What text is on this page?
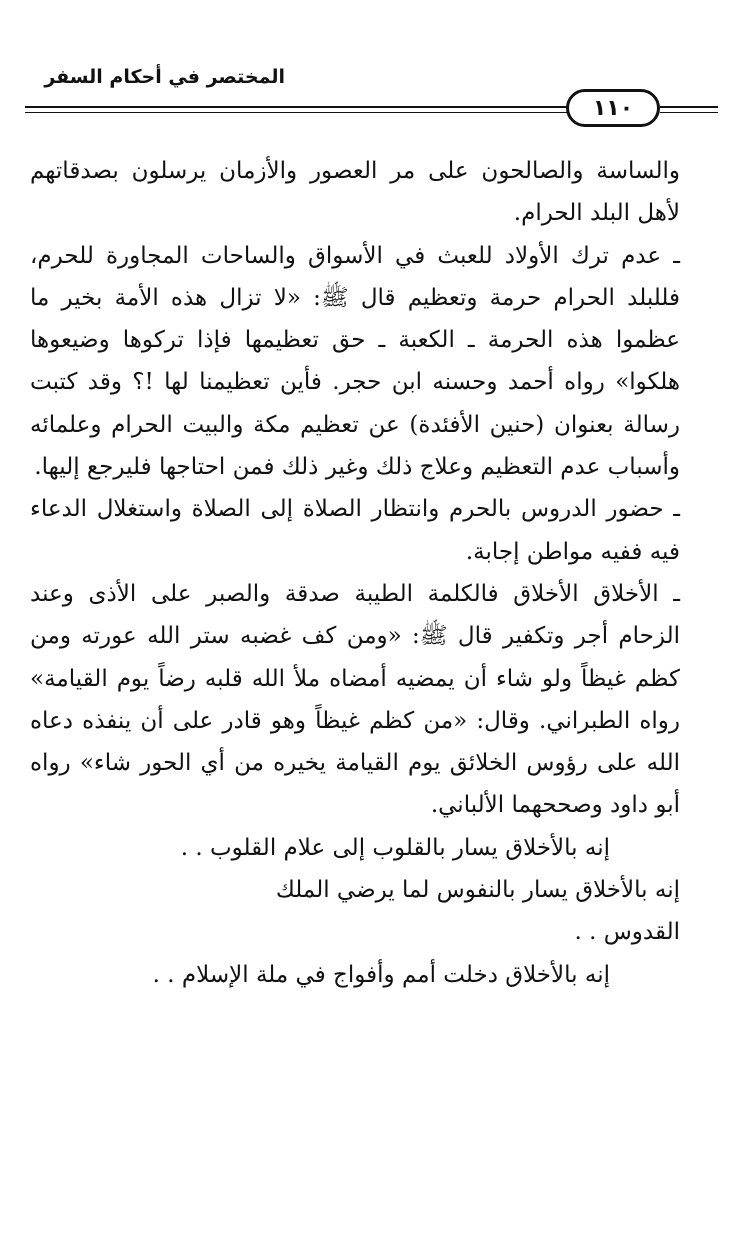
المختصر في أحكام السفر
١١٠

والساسة والصالحون على مر العصور والأزمان يرسلون بصدقاتهم لأهل البلد الحرام.

ـ عدم ترك الأولاد للعبث في الأسواق والساحات المجاورة للحرم، فللبلد الحرام حرمة وتعظيم قال ﷺ: «لا تزال هذه الأمة بخير ما عظموا هذه الحرمة ـ الكعبة ـ حق تعظيمها فإذا تركوها وضيعوها هلكوا» رواه أحمد وحسنه ابن حجر. فأين تعظيمنا لها !؟ وقد كتبت رسالة بعنوان (حنين الأفئدة) عن تعظيم مكة والبيت الحرام وعلمائه وأسباب عدم التعظيم وعلاج ذلك وغير ذلك فمن احتاجها فليرجع إليها.

ـ حضور الدروس بالحرم وانتظار الصلاة إلى الصلاة واستغلال الدعاء فيه ففيه مواطن إجابة.

ـ الأخلاق الأخلاق فالكلمة الطيبة صدقة والصبر على الأذى وعند الزحام أجر وتكفير قال ﷺ: «ومن كف غضبه ستر الله عورته ومن كظم غيظاً ولو شاء أن يمضيه أمضاه ملأ الله قلبه رضاً يوم القيامة» رواه الطبراني. وقال: «من كظم غيظاً وهو قادر على أن ينفذه دعاه الله على رؤوس الخلائق يوم القيامة يخيره من أي الحور شاء» رواه أبو داود وصححهما الألباني.

إنه بالأخلاق يسار بالقلوب إلى علام القلوب . .

إنه بالأخلاق يسار بالنفوس لما يرضي الملك

القدوس . .

إنه بالأخلاق دخلت أمم وأفواج في ملة الإسلام . .
